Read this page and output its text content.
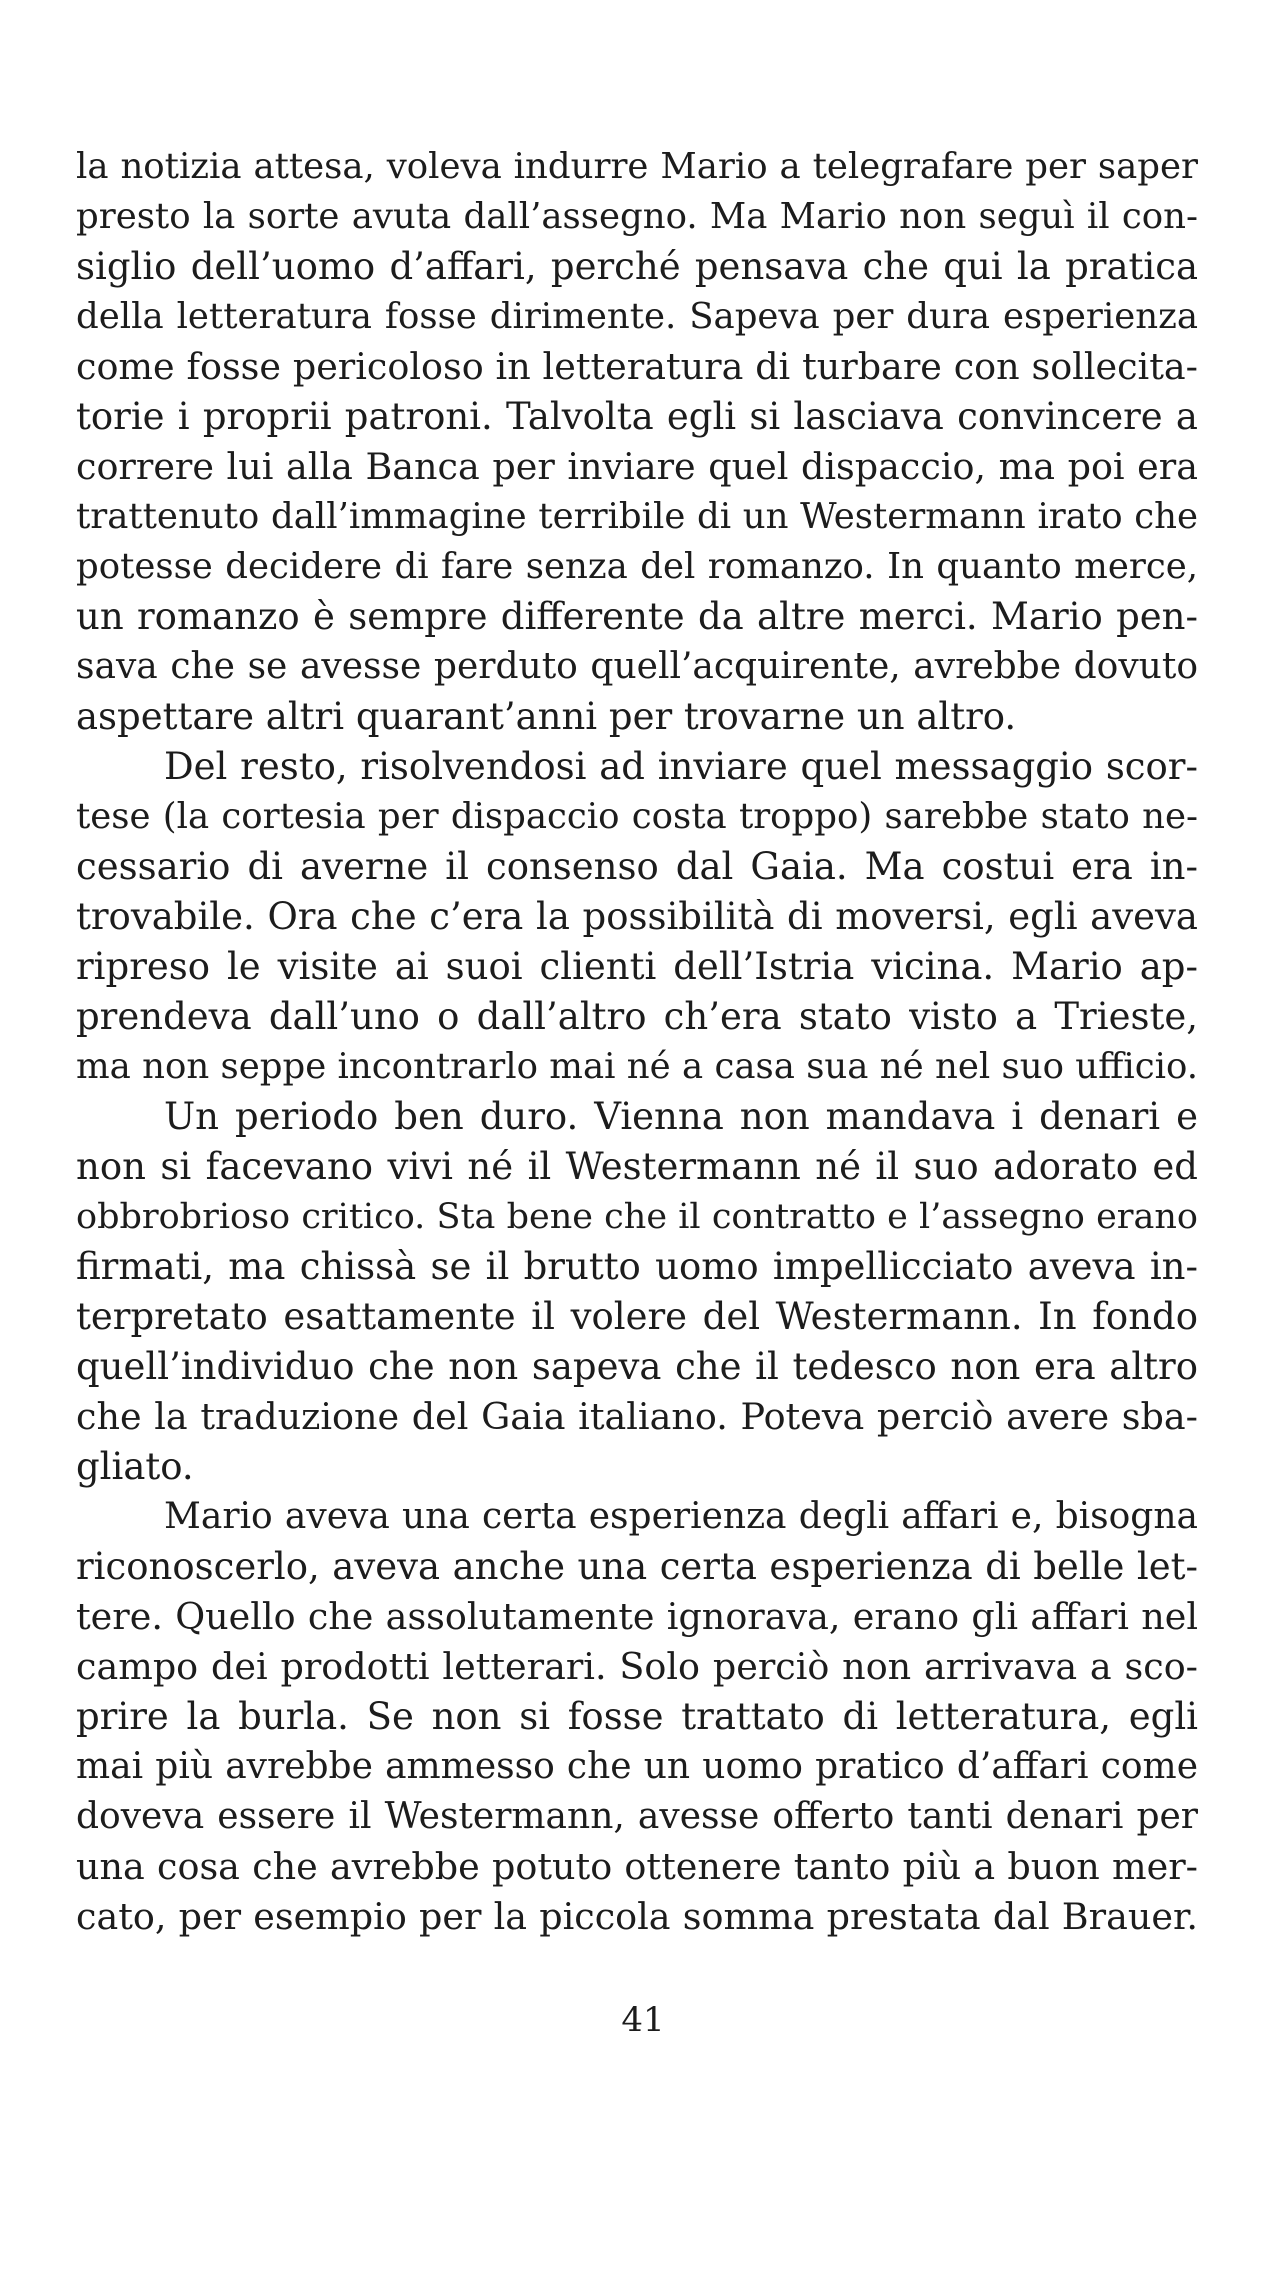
la notizia attesa, voleva indurre Mario a telegrafare per saper
presto la sorte avuta dall’assegno. Ma Mario non seguì il con-
siglio dell’uomo d’affari, perché pensava che qui la pratica
della letteratura fosse dirimente. Sapeva per dura esperienza
come fosse pericoloso in letteratura di turbare con sollecita-
torie i proprii patroni. Talvolta egli si lasciava convincere a
correre lui alla Banca per inviare quel dispaccio, ma poi era
trattenuto dall’immagine terribile di un Westermann irato che
potesse decidere di fare senza del romanzo. In quanto merce,
un romanzo è sempre differente da altre merci. Mario pen-
sava che se avesse perduto quell’acquirente, avrebbe dovuto
aspettare altri quarant’anni per trovarne un altro.
Del resto, risolvendosi ad inviare quel messaggio scor-
tese (la cortesia per dispaccio costa troppo) sarebbe stato ne-
cessario di averne il consenso dal Gaia. Ma costui era in-
trovabile. Ora che c’era la possibilità di moversi, egli aveva
ripreso le visite ai suoi clienti dell’Istria vicina. Mario ap-
prendeva dall’uno o dall’altro ch’era stato visto a Trieste,
ma non seppe incontrarlo mai né a casa sua né nel suo ufficio.
Un periodo ben duro. Vienna non mandava i denari e
non si facevano vivi né il Westermann né il suo adorato ed
obbrobrioso critico. Sta bene che il contratto e l’assegno erano
firmati, ma chissà se il brutto uomo impellicciato aveva in-
terpretato esattamente il volere del Westermann. In fondo
quell’individuo che non sapeva che il tedesco non era altro
che la traduzione del Gaia italiano. Poteva perciò avere sba-
gliato.
Mario aveva una certa esperienza degli affari e, bisogna
riconoscerlo, aveva anche una certa esperienza di belle let-
tere. Quello che assolutamente ignorava, erano gli affari nel
campo dei prodotti letterari. Solo perciò non arrivava a sco-
prire la burla. Se non si fosse trattato di letteratura, egli
mai più avrebbe ammesso che un uomo pratico d’affari come
doveva essere il Westermann, avesse offerto tanti denari per
una cosa che avrebbe potuto ottenere tanto più a buon mer-
cato, per esempio per la piccola somma prestata dal Brauer.
41
